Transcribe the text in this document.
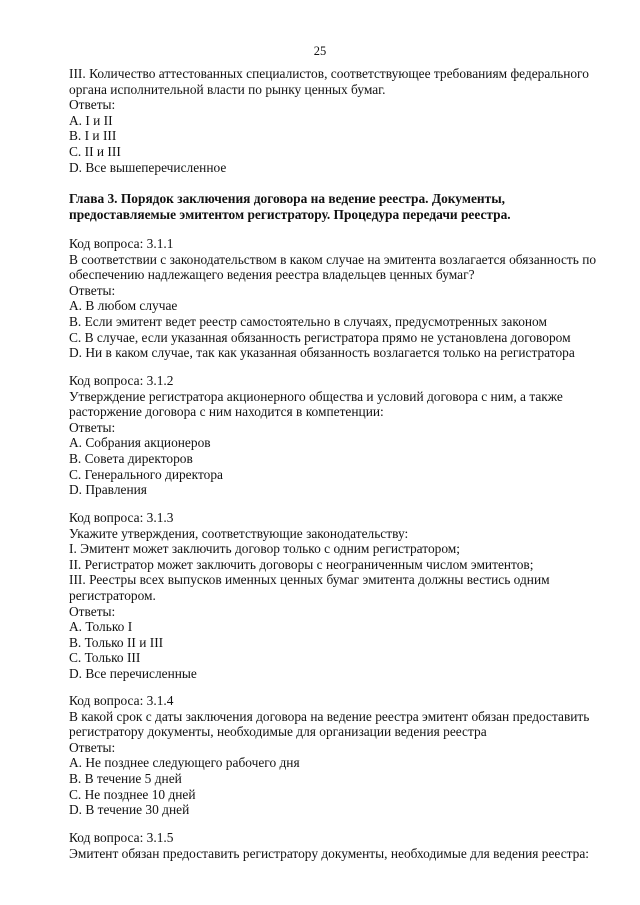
25
III. Количество аттестованных специалистов, соответствующее требованиям федерального
органа исполнительной власти по рынку ценных бумаг.
Ответы:
A. I и II
B. I и III
C. II и III
D. Все вышеперечисленное
Глава 3. Порядок заключения договора на ведение реестра. Документы,
предоставляемые эмитентом регистратору. Процедура передачи реестра.
Код вопроса: 3.1.1
В соответствии с законодательством в каком случае на эмитента возлагается обязанность по
обеспечению надлежащего ведения реестра владельцев ценных бумаг?
Ответы:
A. В любом случае
B. Если эмитент ведет реестр самостоятельно в случаях, предусмотренных законом
C. В случае, если указанная обязанность регистратора прямо не установлена договором
D. Ни в каком случае, так как указанная обязанность возлагается только на регистратора
Код вопроса: 3.1.2
Утверждение регистратора акционерного общества и условий договора с ним, а также
расторжение договора с ним находится в компетенции:
Ответы:
A. Собрания акционеров
B. Совета директоров
C. Генерального директора
D. Правления
Код вопроса: 3.1.3
Укажите утверждения, соответствующие законодательству:
I. Эмитент может заключить договор только с одним регистратором;
II. Регистратор может заключить договоры с неограниченным числом эмитентов;
III. Реестры всех выпусков именных ценных бумаг эмитента должны вестись одним
регистратором.
Ответы:
A. Только I
B. Только II и III
C. Только III
D. Все перечисленные
Код вопроса: 3.1.4
В какой срок с даты заключения договора на ведение реестра эмитент обязан предоставить
регистратору документы, необходимые для организации ведения реестра
Ответы:
A. Не позднее следующего рабочего дня
B. В течение 5 дней
C. Не позднее 10 дней
D. В течение 30 дней
Код вопроса: 3.1.5
Эмитент обязан предоставить регистратору документы, необходимые для ведения реестра:
